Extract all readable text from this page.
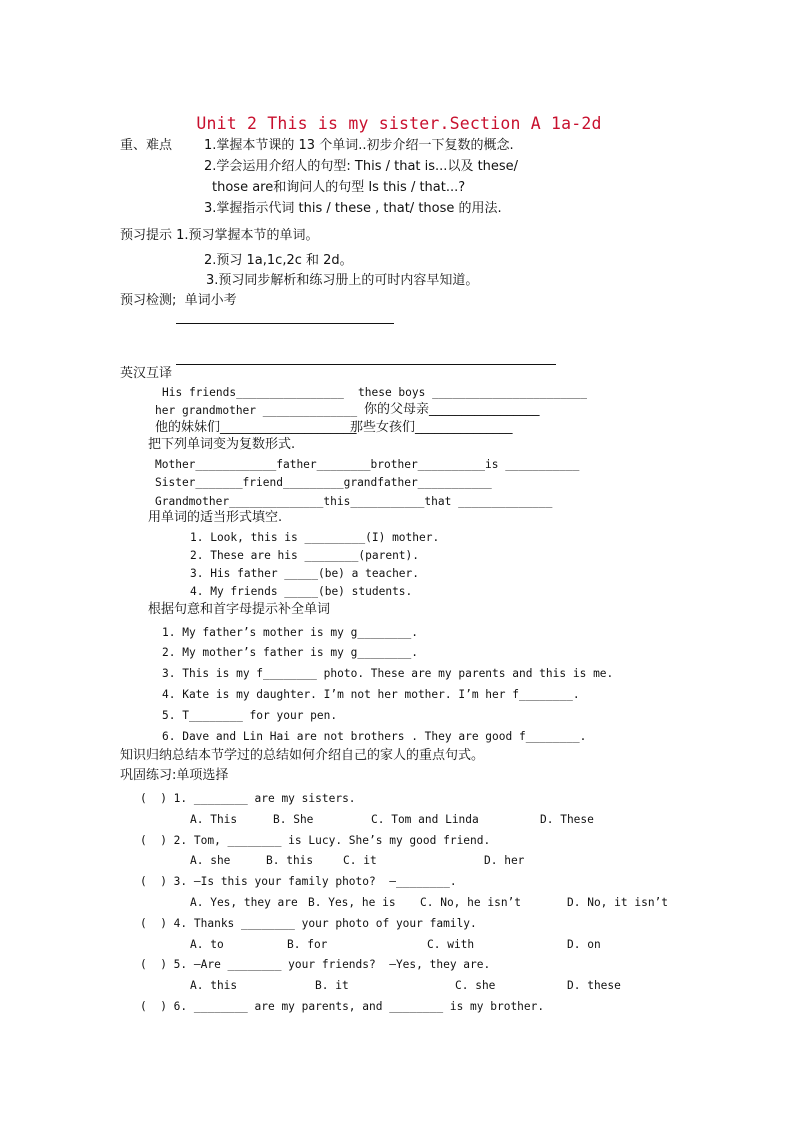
Unit 2 This is my sister.Section A 1a-2d
重、难点 1.掌握本节课的 13 个单词..初步介绍一下复数的概念.
2.学会运用介绍人的句型: This / that is...以及 these/
those are和询问人的句型 Is this / that...?
3.掌握指示代词 this / these , that/ those 的用法.
预习提示 1.预习掌握本节的单词。
2.预习 1a,1c,2c 和 2d。
3.预习同步解析和练习册上的可时内容早知道。
预习检测;  单词小考
英汉互译
His friends________________ these boys _______________________
her grandmother ______________ 你的父母亲_________________
他的妹妹们_____________________
那些女孩们_______________
把下列单词变为复数形式.
Mother____________father________brother__________is ___________
Sister_______friend_________grandfather___________
Grandmother______________this___________that ______________
用单词的适当形式填空.
1. Look, this is _________(I) mother.
2. These are his ________(parent).
3. His father _____(be) a teacher.
4. My friends _____(be) students.
根据句意和首字母提示补全单词
1. My father’s mother is my g________.
2. My mother’s father is my g________.
3. This is my f________ photo. These are my parents and this is me.
4. Kate is my daughter. I’m not her mother. I’m her f________.
5. T________ for your pen.
6. Dave and Lin Hai are not brothers . They are good f________.
知识归纳总结本节学过的总结如何介绍自己的家人的重点句式。
巩固练习:单项选择
(  ) 1. ________ are my sisters.
A. This	B. She	C. Tom and Linda	D. These
(  ) 2. Tom, ________ is Lucy. She’s my good friend.
A. she	B. this	C. it	D. her
(  ) 3. —Is this your family photo?  —________.
A. Yes, they are B. Yes, he is C. No, he isn’t	D. No, it isn’t
(  ) 4. Thanks ________ your photo of your family.
A. to	B. for	C. with	D. on
(  ) 5. —Are ________ your friends?  —Yes, they are.
A. this	B. it	C. she	D. these
(  ) 6. ________ are my parents, and ________ is my brother.
